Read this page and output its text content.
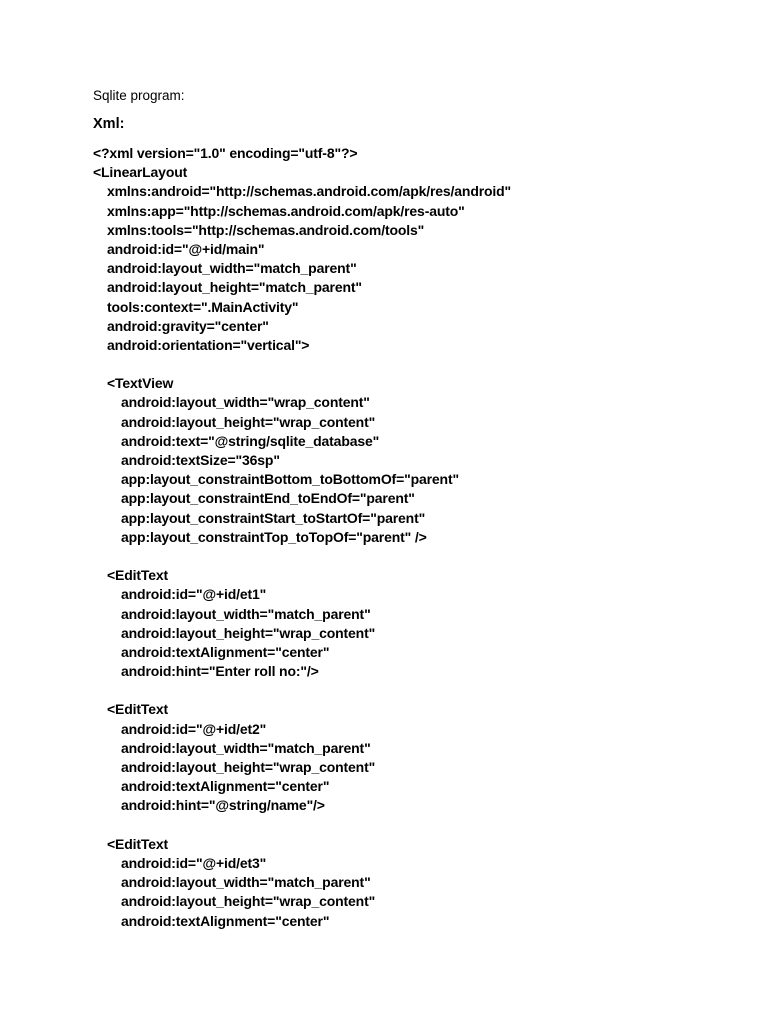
Sqlite program:
Xml:
<?xml version="1.0" encoding="utf-8"?>
<LinearLayout
xmlns:android="http://schemas.android.com/apk/res/android"
xmlns:app="http://schemas.android.com/apk/res-auto"
xmlns:tools="http://schemas.android.com/tools"
android:id="@+id/main"
android:layout_width="match_parent"
android:layout_height="match_parent"
tools:context=".MainActivity"
android:gravity="center"
android:orientation="vertical">
<TextView
android:layout_width="wrap_content"
android:layout_height="wrap_content"
android:text="@string/sqlite_database"
android:textSize="36sp"
app:layout_constraintBottom_toBottomOf="parent"
app:layout_constraintEnd_toEndOf="parent"
app:layout_constraintStart_toStartOf="parent"
app:layout_constraintTop_toTopOf="parent" />
<EditText
android:id="@+id/et1"
android:layout_width="match_parent"
android:layout_height="wrap_content"
android:textAlignment="center"
android:hint="Enter roll no:"/>
<EditText
android:id="@+id/et2"
android:layout_width="match_parent"
android:layout_height="wrap_content"
android:textAlignment="center"
android:hint="@string/name"/>
<EditText
android:id="@+id/et3"
android:layout_width="match_parent"
android:layout_height="wrap_content"
android:textAlignment="center"
